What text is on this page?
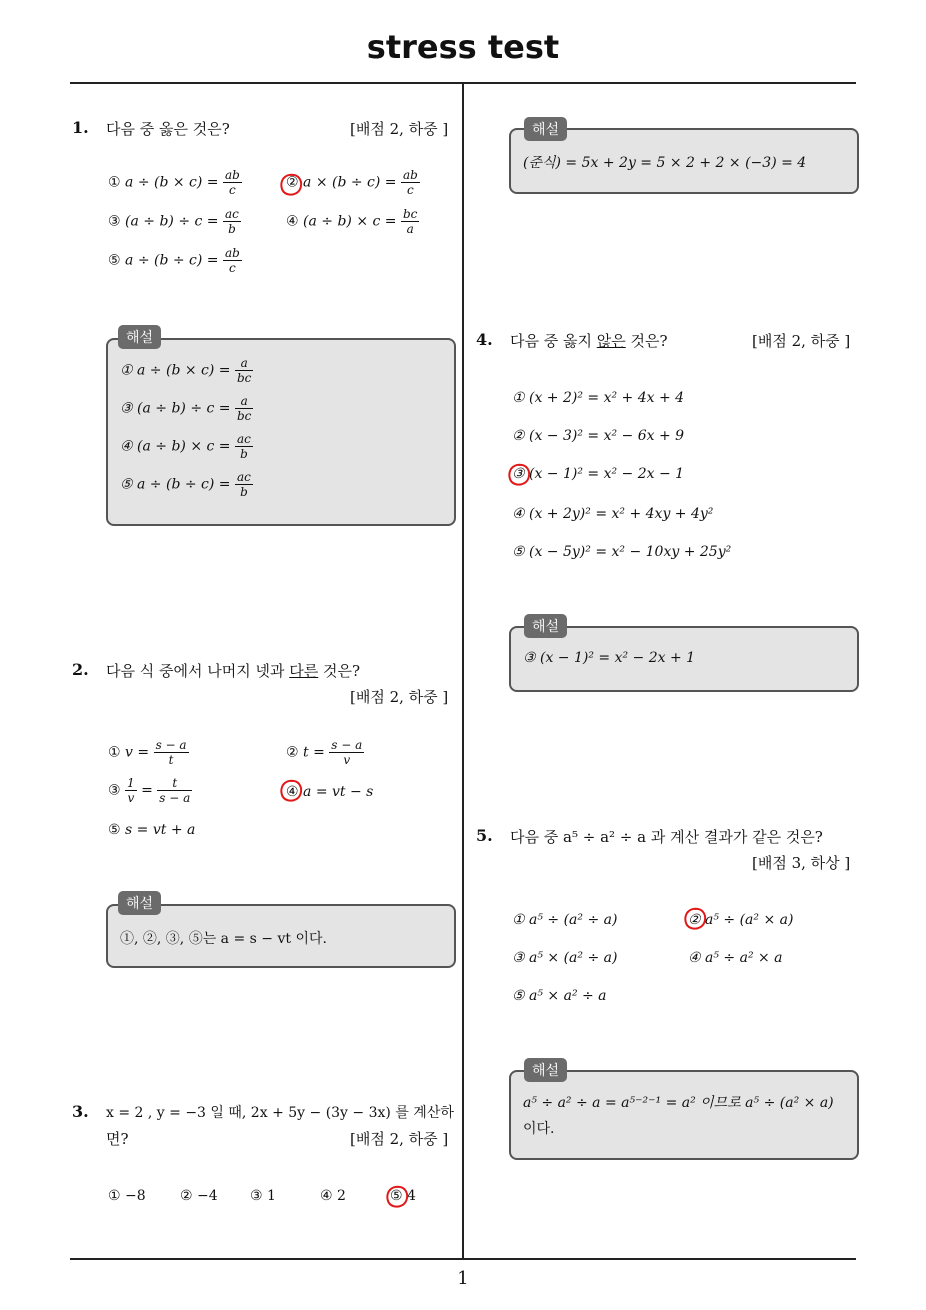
stress test
1
1. 다음 중 옳은 것은?	[배점 2, 하중 ]
① $a \div (b \times c) = \frac{ab}{c}$	② $a \times (b \div c) = \frac{ab}{c}$
③ $(a \div b) \div c = \frac{ac}{b}$	④ $(a \div b) \times c = \frac{bc}{a}$
⑤ $a \div (b \div c) = \frac{ab}{c}$
① $a \div (b \times c) = \frac{a}{bc}$
③ $(a \div b) \div c = \frac{a}{bc}$
④ $(a \div b) \times c = \frac{ac}{b}$
⑤ $a \div (b \div c) = \frac{ac}{b}$
해설
2. 다음 식 중에서 나머지 넷과 다른 것은?
[배점 2, 하중 ]
① $v = \frac{s - a}{t}$	② $t = \frac{s - a}{v}$
③ $\frac{1}{v} = \frac{t}{s - a}$	④ a = vt − s
⑤ s = vt + a
①, ②, ③, ⑤는 a = s − vt 이다.
해설
3. x = 2 , y = −3 일 때, 2x + 5y − (3y − 3x) 를 계산하
면?	[배점 2, 하중 ]
① −8 ② −4 ③ 1	④ 2	⑤ 4
(준식) = 5x + 2y = 5 × 2 + 2 × (−3) = 4
해설
4. 다음 중 옳지 않은 것은?	[배점 2, 하중 ]
① (x + 2)² = x² + 4x + 4
② (x − 3)² = x² − 6x + 9
③ (x − 1)² = x² − 2x − 1
④ (x + 2y)² = x² + 4xy + 4y²
⑤ (x − 5y)² = x² − 10xy + 25y²
③ (x − 1)² = x² − 2x + 1
해설
5. 다음 중 a⁵ ÷ a² ÷ a 과 계산 결과가 같은 것은?
[배점 3, 하상 ]
① a⁵ ÷ (a² ÷ a)	② a⁵ ÷ (a² × a)
③ a⁵ × (a² ÷ a)	④ a⁵ ÷ a² × a
⑤ a⁵ × a² ÷ a
a⁵ ÷ a² ÷ a = a⁵⁻²⁻¹ = a² 이므로 a⁵ ÷ (a² × a)
이다.
해설
